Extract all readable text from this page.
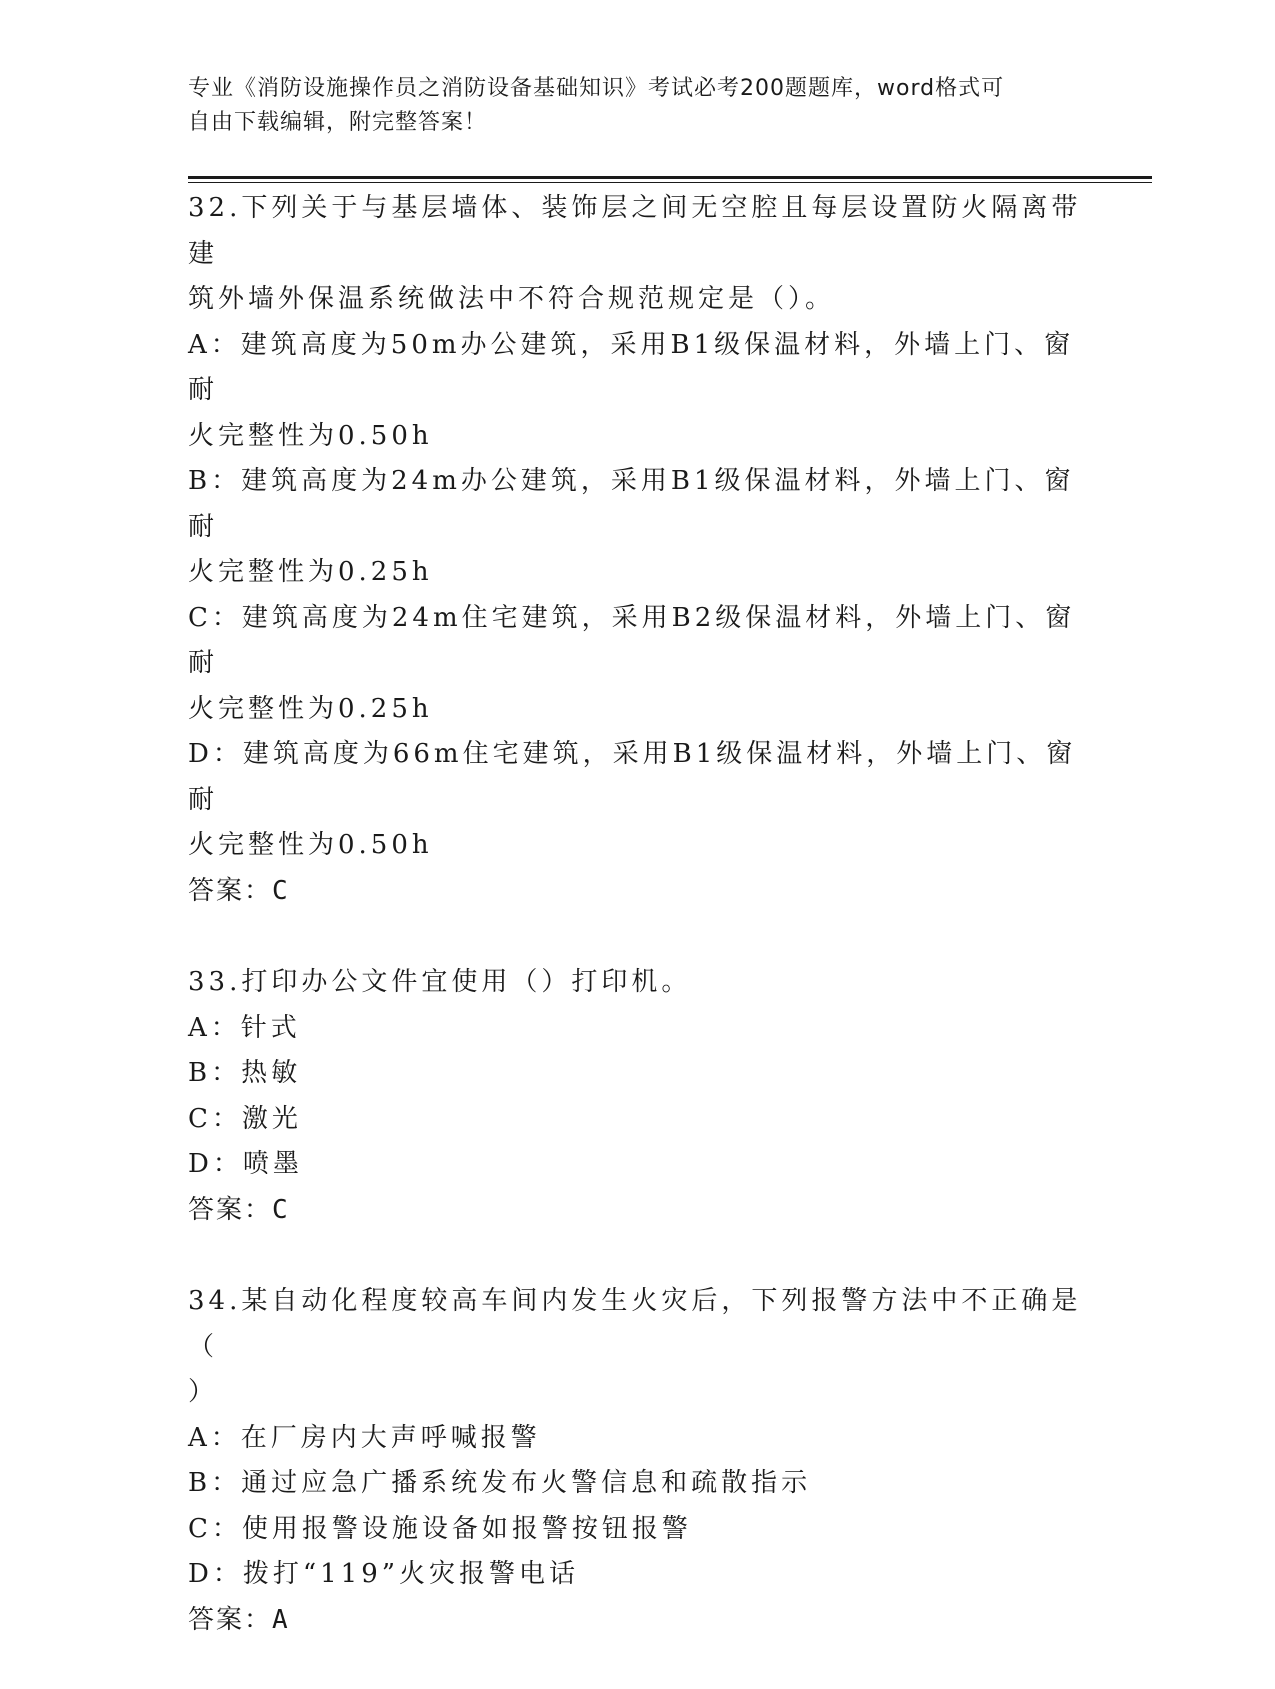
专业《消防设施操作员之消防设备基础知识》考试必考200题题库，word格式可
自由下载编辑，附完整答案！

32.下列关于与基层墙体、装饰层之间无空腔且每层设置防火隔离带建

筑外墙外保温系统做法中不符合规范规定是（）。

A：建筑高度为50m办公建筑，采用B1级保温材料，外墙上门、窗耐

火完整性为0.50h

B：建筑高度为24m办公建筑，采用B1级保温材料，外墙上门、窗耐

火完整性为0.25h

C：建筑高度为24m住宅建筑，采用B2级保温材料，外墙上门、窗耐

火完整性为0.25h

D：建筑高度为66m住宅建筑，采用B1级保温材料，外墙上门、窗耐

火完整性为0.50h

答案：C

33.打印办公文件宜使用（）打印机。

A：针式

B：热敏

C：激光

D：喷墨

答案：C

34.某自动化程度较高车间内发生火灾后，下列报警方法中不正确是（

）

A：在厂房内大声呼喊报警

B：通过应急广播系统发布火警信息和疏散指示

C：使用报警设施设备如报警按钮报警

D：拨打“119”火灾报警电话

答案：A
